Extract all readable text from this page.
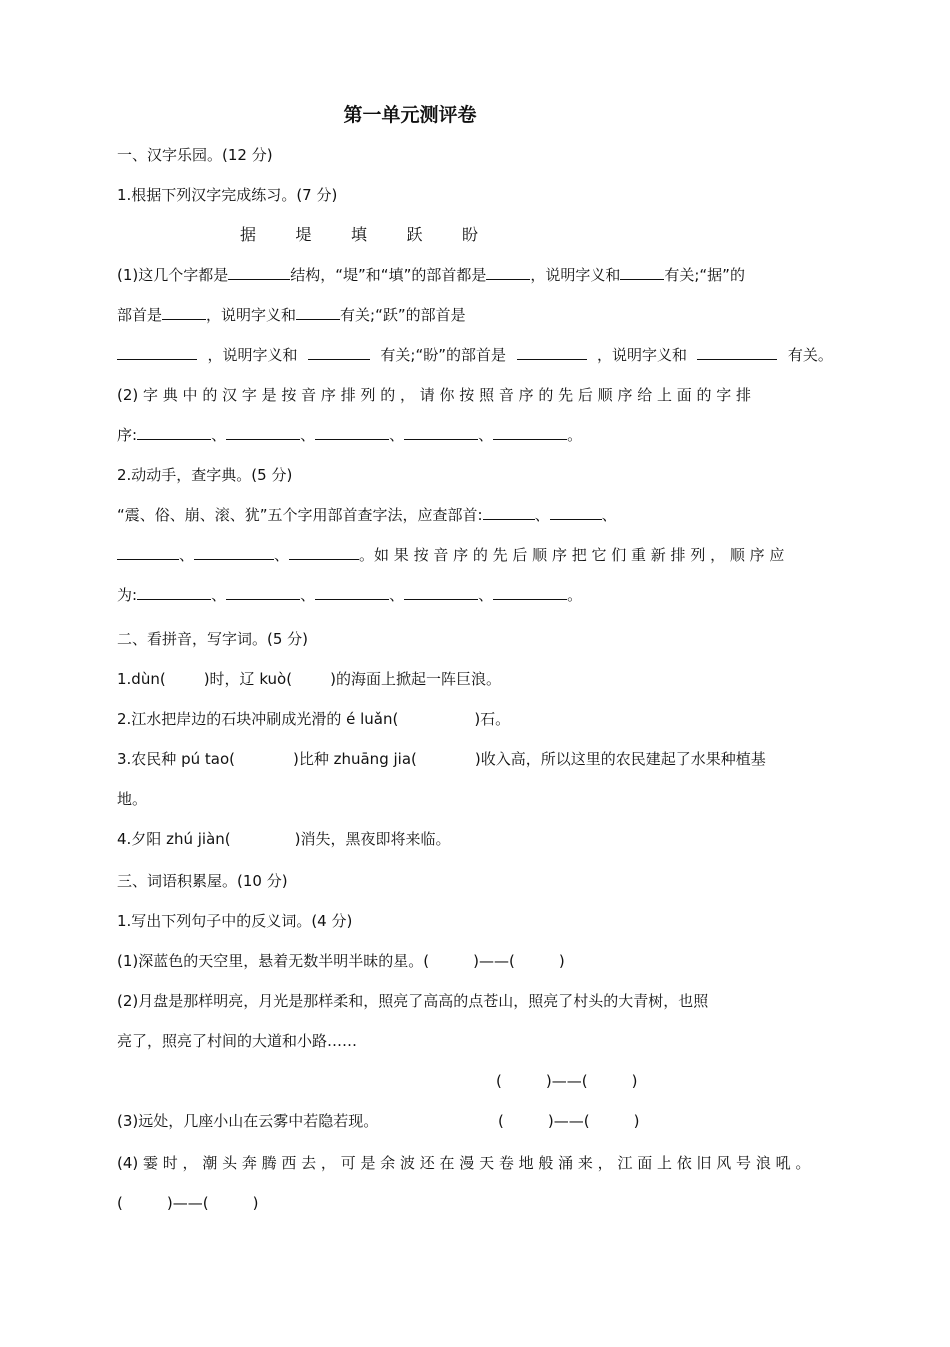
第一单元测评卷
一、汉字乐园。(12 分)
1.根据下列汉字完成练习。(7 分)
据 堤 填 跃 盼
(1)这几个字都是	结构，“堤”和“填”的部首都是	，说明字义和	有关;“据”的
部首是	，说明字义和	有关;“跃”的部首是
，说明字义和	有关;“盼”的部首是	，说明字义和	有关。
(2) 字 典 中 的 汉 字 是 按 音 序 排 列 的 ， 请 你 按 照 音 序 的 先 后 顺 序 给 上 面 的 字 排
序:	、	、	、	、	。
2.动动手，查字典。(5 分)
“震、俗、崩、滚、犹”五个字用部首查字法，应查部首:	、	、
、	、	。如 果 按 音 序 的 先 后 顺 序 把 它 们 重 新 排 列 ， 顺 序 应
为:	、	、	、	、	。
二、看拼音，写字词。(5 分)
1.dùn(	)时，辽 kuò(	)的海面上掀起一阵巨浪。
2.江水把岸边的石块冲刷成光滑的 é luǎn(	)石。
3.农民种 pú tao(	)比种 zhuāng jia(	)收入高，所以这里的农民建起了水果种植基
地。
4.夕阳 zhú jiàn(	)消失，黑夜即将来临。
三、词语积累屋。(10 分)
1.写出下列句子中的反义词。(4 分)
(1)深蓝色的天空里，悬着无数半明半昧的星。(	)——(	)
(2)月盘是那样明亮，月光是那样柔和，照亮了高高的点苍山，照亮了村头的大青树，也照
亮了，照亮了村间的大道和小路……
(	)——(	)
(3)远处，几座小山在云雾中若隐若现。	(	)——(	)
(4) 霎 时 ， 潮 头 奔 腾 西 去 ， 可 是 余 波 还 在 漫 天 卷 地 般 涌 来 ， 江 面 上 依 旧 风 号 浪 吼 。
(	)——(	)
